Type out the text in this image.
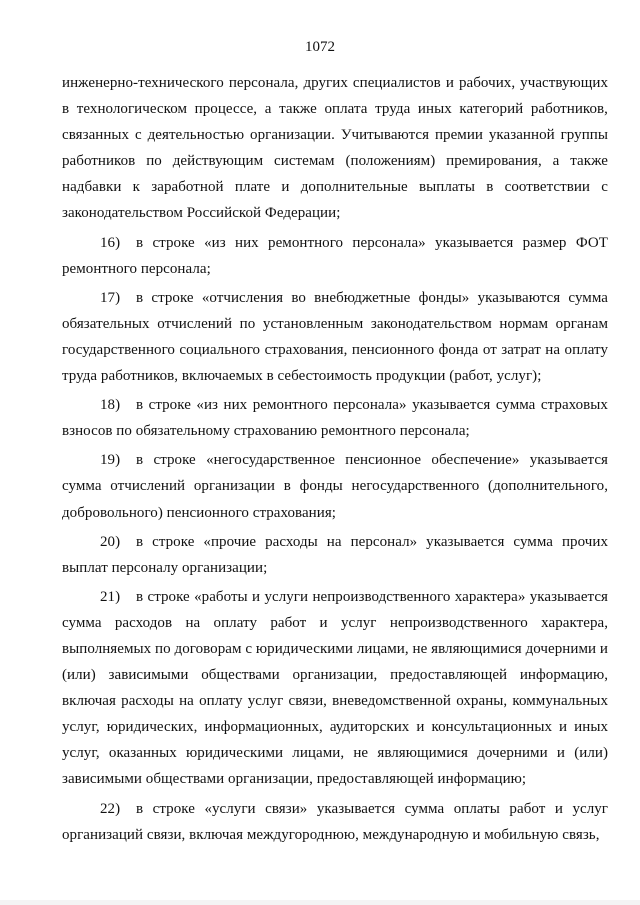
1072

инженерно-технического персонала, других специалистов и рабочих, участвующих в технологическом процессе, а также оплата труда иных категорий работников, связанных с деятельностью организации. Учитываются премии указанной группы работников по действующим системам (положениям) премирования, а также надбавки к заработной плате и дополнительные выплаты в соответствии с законодательством Российской Федерации;

16) в строке «из них ремонтного персонала» указывается размер ФОТ ремонтного персонала;

17) в строке «отчисления во внебюджетные фонды» указываются сумма обязательных отчислений по установленным законодательством нормам органам государственного социального страхования, пенсионного фонда от затрат на оплату труда работников, включаемых в себестоимость продукции (работ, услуг);

18) в строке «из них ремонтного персонала» указывается сумма страховых взносов по обязательному страхованию ремонтного персонала;

19) в строке «негосударственное пенсионное обеспечение» указывается сумма отчислений организации в фонды негосударственного (дополнительного, добровольного) пенсионного страхования;

20) в строке «прочие расходы на персонал» указывается сумма прочих выплат персоналу организации;

21) в строке «работы и услуги непроизводственного характера» указывается сумма расходов на оплату работ и услуг непроизводственного характера, выполняемых по договорам с юридическими лицами, не являющимися дочерними и (или) зависимыми обществами организации, предоставляющей информацию, включая расходы на оплату услуг связи, вневедомственной охраны, коммунальных услуг, юридических, информационных, аудиторских и консультационных и иных услуг, оказанных юридическими лицами, не являющимися дочерними и (или) зависимыми обществами организации, предоставляющей информацию;

22) в строке «услуги связи» указывается сумма оплаты работ и услуг организаций связи, включая междугороднюю, международную и мобильную связь,
